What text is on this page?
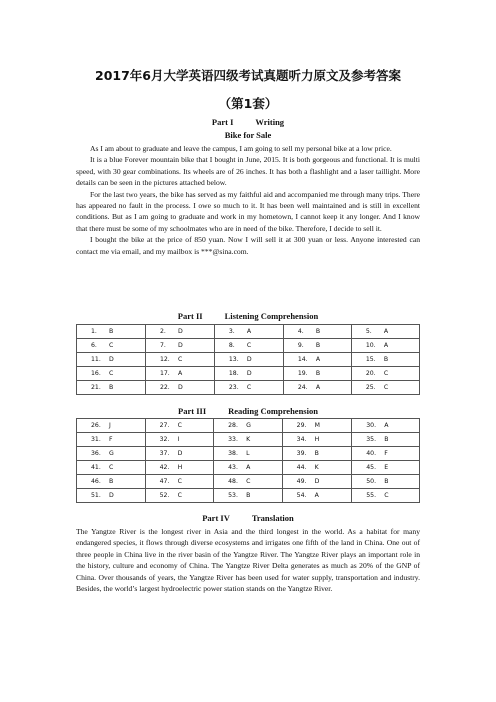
2017年6月大学英语四级考试真题听力原文及参考答案
（第1套）
Part I	Writing
Bike for Sale

As I am about to graduate and leave the campus, I am going to sell my personal bike at a low price.

It is a blue Forever mountain bike that I bought in June, 2015. It is both gorgeous and functional. It is multi speed, with 30 gear combinations. Its wheels are of 26 inches. It has both a flashlight and a laser taillight. More details can be seen in the pictures attached below.

For the last two years, the bike has served as my faithful aid and accompanied me through many trips. There has appeared no fault in the process. I owe so much to it. It has been well maintained and is still in excellent conditions. But as I am going to graduate and work in my hometown, I cannot keep it any longer. And I know that there must be some of my schoolmates who are in need of the bike. Therefore, I decide to sell it.

I bought the bike at the price of 850 yuan. Now I will sell it at 300 yuan or less. Anyone interested can contact me via email, and my mailbox is ***@sina.com.

Part II	Listening Comprehension
1. B	2. D	3. A	4. B	5. A
6. C	7. D	8. C	9. B	10. A
11. D	12. C	13. D	14. A	15. B
16. C	17. A	18. D	19. B	20. C
21. B	22. D	23. C	24. A	25. C
Part III	Reading Comprehension
26. J	27. C	28. G	29. M	30. A
31. F	32. I	33. K	34. H	35. B
36. G	37. D	38. L	39. B	40. F
41. C	42. H	43. A	44. K	45. E
46. B	47. C	48. C	49. D	50. B
51. D	52. C	53. B	54. A	55. C
Part IV	Translation

The Yangtze River is the longest river in Asia and the third longest in the world. As a habitat for many endangered species, it flows through diverse ecosystems and irrigates one fifth of the land in China. One out of three people in China live in the river basin of the Yangtze River. The Yangtze River plays an important role in the history, culture and economy of China. The Yangtze River Delta generates as much as 20% of the GNP of China. Over thousands of years, the Yangtze River has been used for water supply, transportation and industry. Besides, the world’s largest hydroelectric power station stands on the Yangtze River.
